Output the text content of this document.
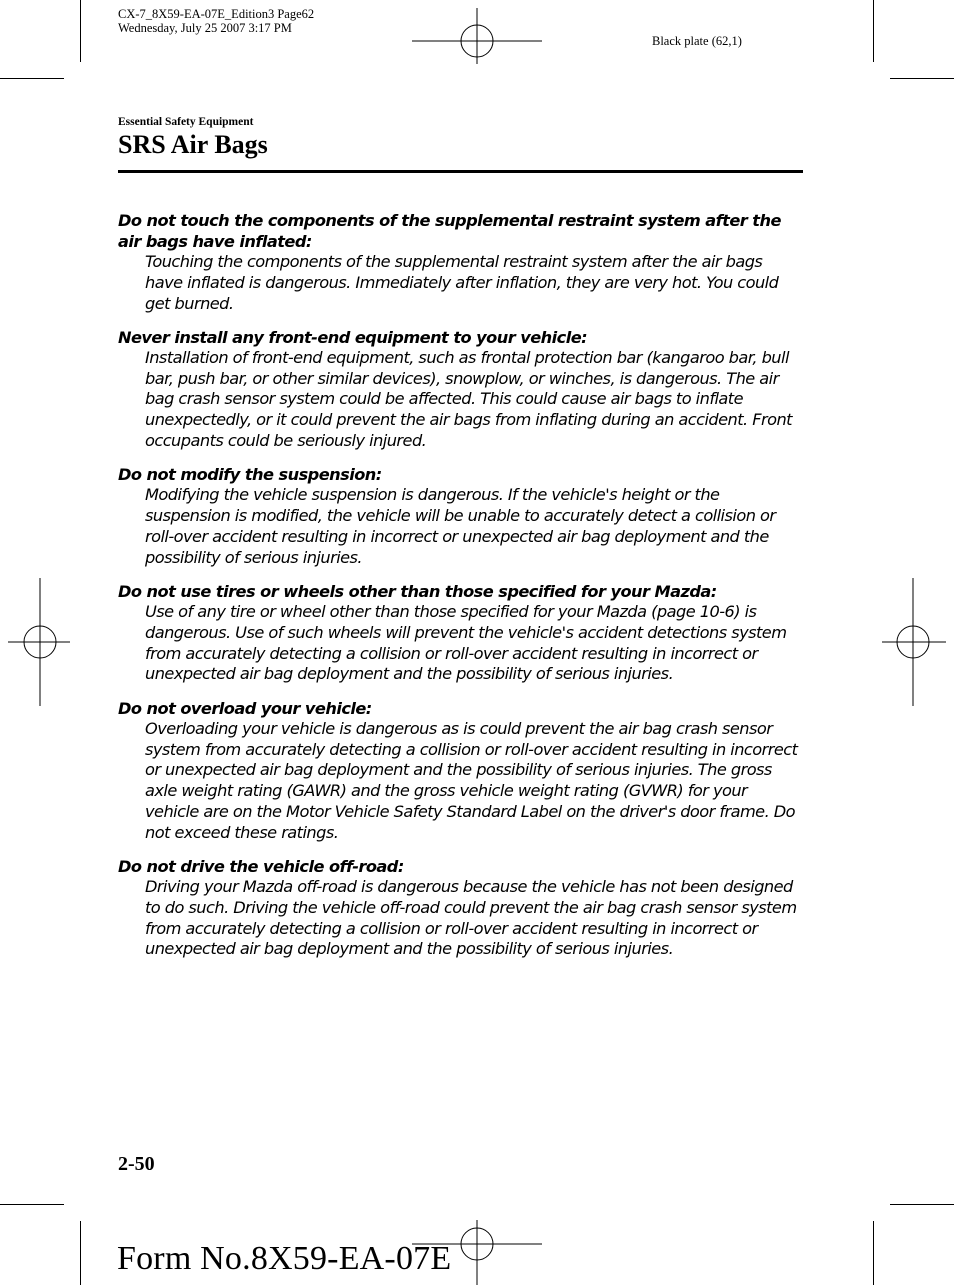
CX-7_8X59-EA-07E_Edition3 Page62
Wednesday, July 25 2007 3:17 PM
Black plate (62,1)
Essential Safety Equipment
SRS Air Bags
Do not touch the components of the supplemental restraint system after the air bags have inflated:
Touching the components of the supplemental restraint system after the air bags have inflated is dangerous. Immediately after inflation, they are very hot. You could get burned.
Never install any front-end equipment to your vehicle:
Installation of front-end equipment, such as frontal protection bar (kangaroo bar, bull bar, push bar, or other similar devices), snowplow, or winches, is dangerous. The air bag crash sensor system could be affected. This could cause air bags to inflate unexpectedly, or it could prevent the air bags from inflating during an accident. Front occupants could be seriously injured.
Do not modify the suspension:
Modifying the vehicle suspension is dangerous. If the vehicle's height or the suspension is modified, the vehicle will be unable to accurately detect a collision or roll-over accident resulting in incorrect or unexpected air bag deployment and the possibility of serious injuries.
Do not use tires or wheels other than those specified for your Mazda:
Use of any tire or wheel other than those specified for your Mazda (page 10-6) is dangerous. Use of such wheels will prevent the vehicle's accident detections system from accurately detecting a collision or roll-over accident resulting in incorrect or unexpected air bag deployment and the possibility of serious injuries.
Do not overload your vehicle:
Overloading your vehicle is dangerous as is could prevent the air bag crash sensor system from accurately detecting a collision or roll-over accident resulting in incorrect or unexpected air bag deployment and the possibility of serious injuries. The gross axle weight rating (GAWR) and the gross vehicle weight rating (GVWR) for your vehicle are on the Motor Vehicle Safety Standard Label on the driver's door frame. Do not exceed these ratings.
Do not drive the vehicle off-road:
Driving your Mazda off-road is dangerous because the vehicle has not been designed to do such. Driving the vehicle off-road could prevent the air bag crash sensor system from accurately detecting a collision or roll-over accident resulting in incorrect or unexpected air bag deployment and the possibility of serious injuries.
2-50
Form No.8X59-EA-07E
